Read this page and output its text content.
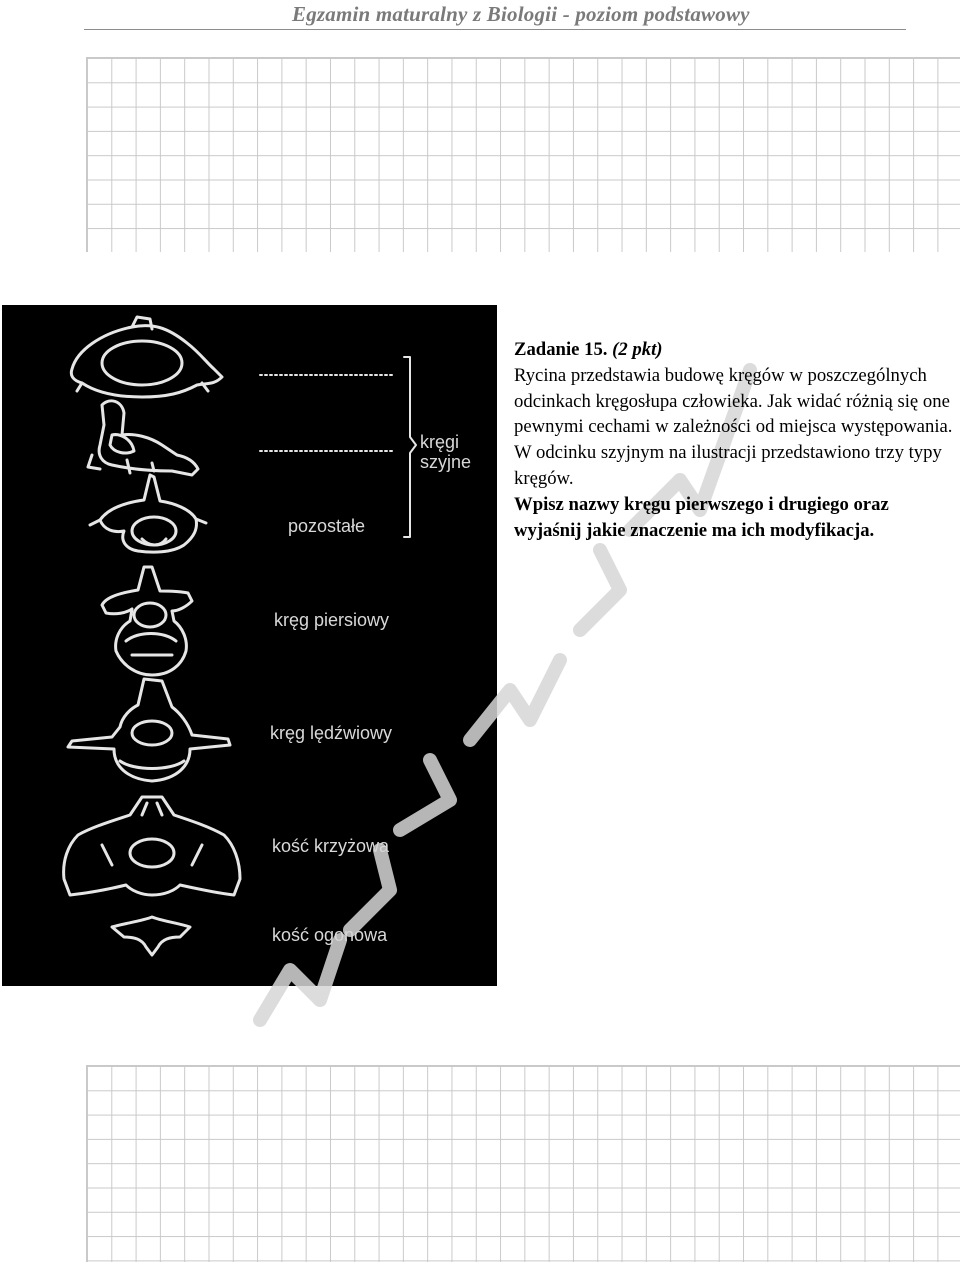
Egzamin maturalny z Biologii - poziom podstawowy
kręgi
szyjne
pozostałe
kręg piersiowy
kręg lędźwiowy
kość krzyżowa
kość ogonowa

Zadanie 15. (2 pkt)

Rycina przedstawia budowę kręgów w poszczególnych odcinkach kręgosłupa człowieka. Jak widać różnią się one pewnymi cechami w zależności od miejsca występowania. W odcinku szyjnym na ilustracji przedstawiono trzy typy kręgów.

Wpisz nazwy kręgu pierwszego i drugiego oraz wyjaśnij jakie znaczenie ma ich modyfikacja.
